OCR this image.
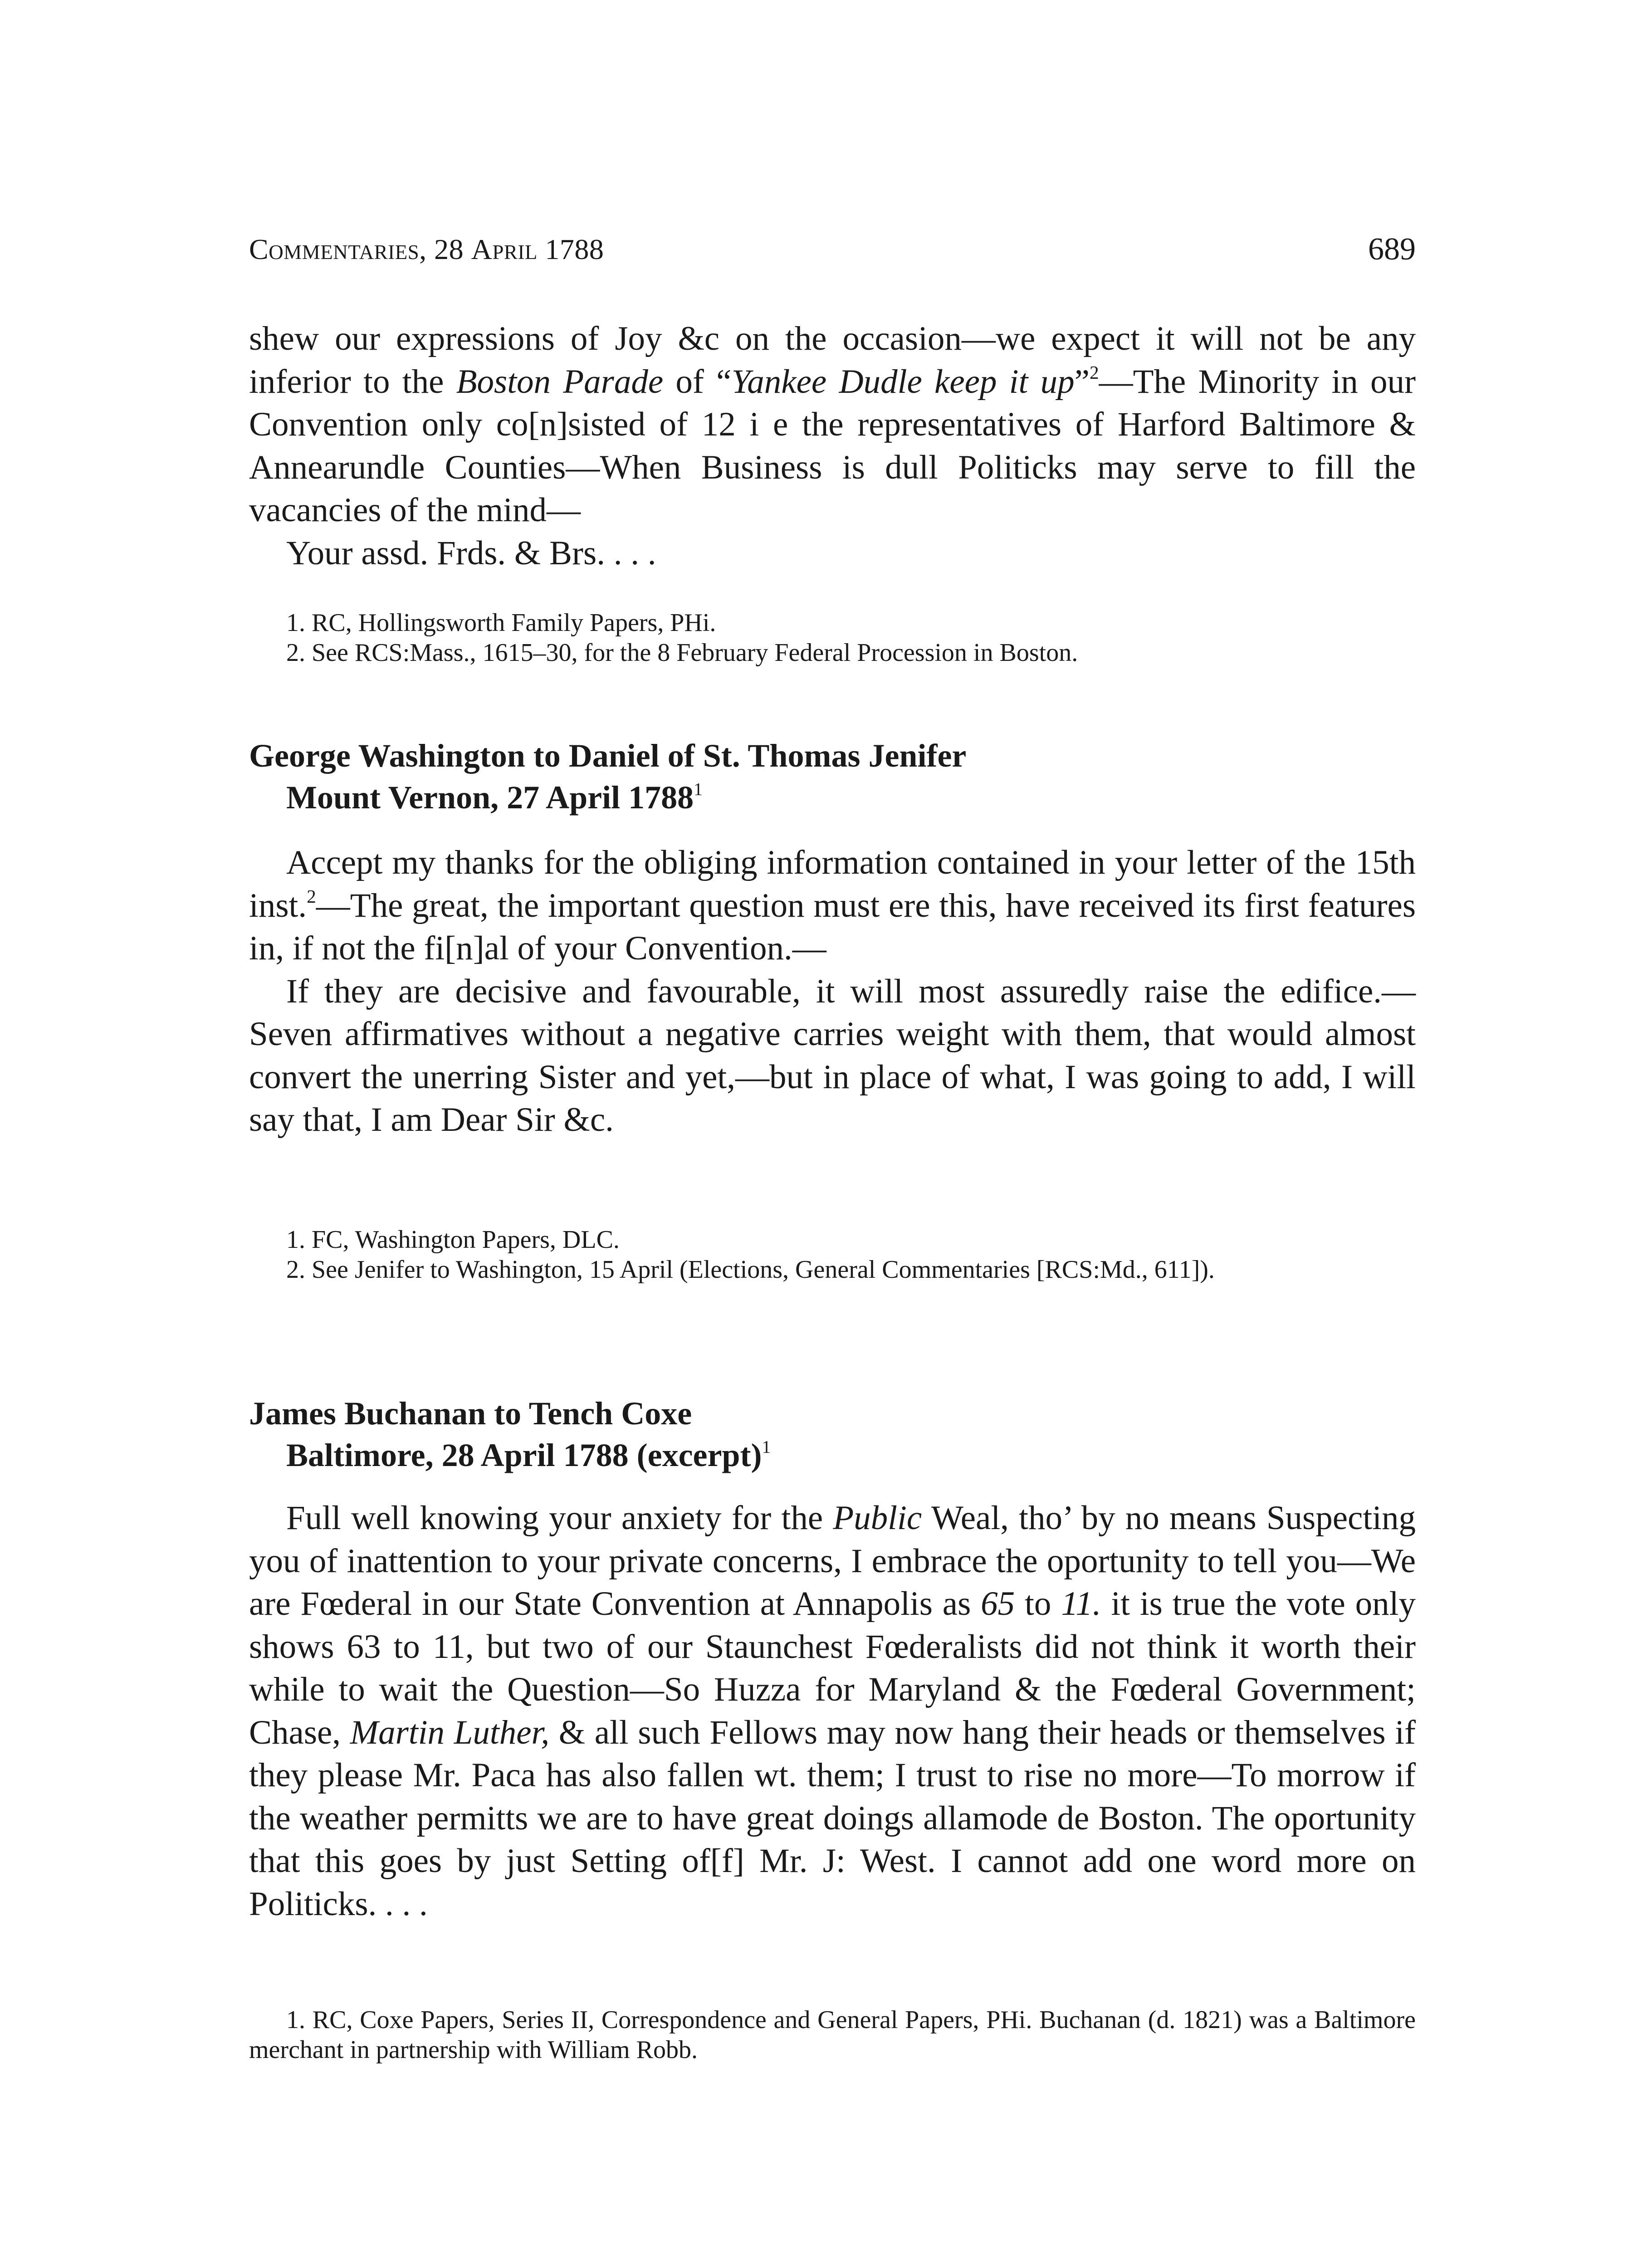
Commentaries, 28 April 1788	689

shew our expressions of Joy &c on the occasion—we expect it will not be any inferior to the Boston Parade of “Yankee Dudle keep it up”$^2$—The Minority in our Convention only co[n]sisted of 12 i e the representatives of Harford Baltimore & Annearundle Counties—When Business is dull Politicks may serve to fill the vacancies of the mind—

Your assd. Frds. & Brs. . . .

1. RC, Hollingsworth Family Papers, PHi.

2. See RCS:Mass., 1615–30, for the 8 February Federal Procession in Boston.

George Washington to Daniel of St. Thomas Jenifer
Mount Vernon, 27 April 1788$^1$

Accept my thanks for the obliging information contained in your letter of the 15th inst.$^2$—The great, the important question must ere this, have received its first features in, if not the fi[n]al of your Convention.—

If they are decisive and favourable, it will most assuredly raise the edifice.—Seven affirmatives without a negative carries weight with them, that would almost convert the unerring Sister and yet,—but in place of what, I was going to add, I will say that, I am Dear Sir &c.

1. FC, Washington Papers, DLC.

2. See Jenifer to Washington, 15 April (Elections, General Commentaries [RCS:Md., 611]).

James Buchanan to Tench Coxe
Baltimore, 28 April 1788 (excerpt)$^1$

Full well knowing your anxiety for the Public Weal, tho’ by no means Suspecting you of inattention to your private concerns, I embrace the oportunity to tell you—We are Fœderal in our State Convention at Annapolis as 65 to 11. it is true the vote only shows 63 to 11, but two of our Staunchest Fœderalists did not think it worth their while to wait the Question—So Huzza for Maryland & the Fœderal Government; Chase, Martin Luther, & all such Fellows may now hang their heads or themselves if they please Mr. Paca has also fallen wt. them; I trust to rise no more—To morrow if the weather permitts we are to have great doings allamode de Boston. The oportunity that this goes by just Setting of[f] Mr. J: West. I cannot add one word more on Politicks. . . .

1. RC, Coxe Papers, Series II, Correspondence and General Papers, PHi. Buchanan (d. 1821) was a Baltimore merchant in partnership with William Robb.
